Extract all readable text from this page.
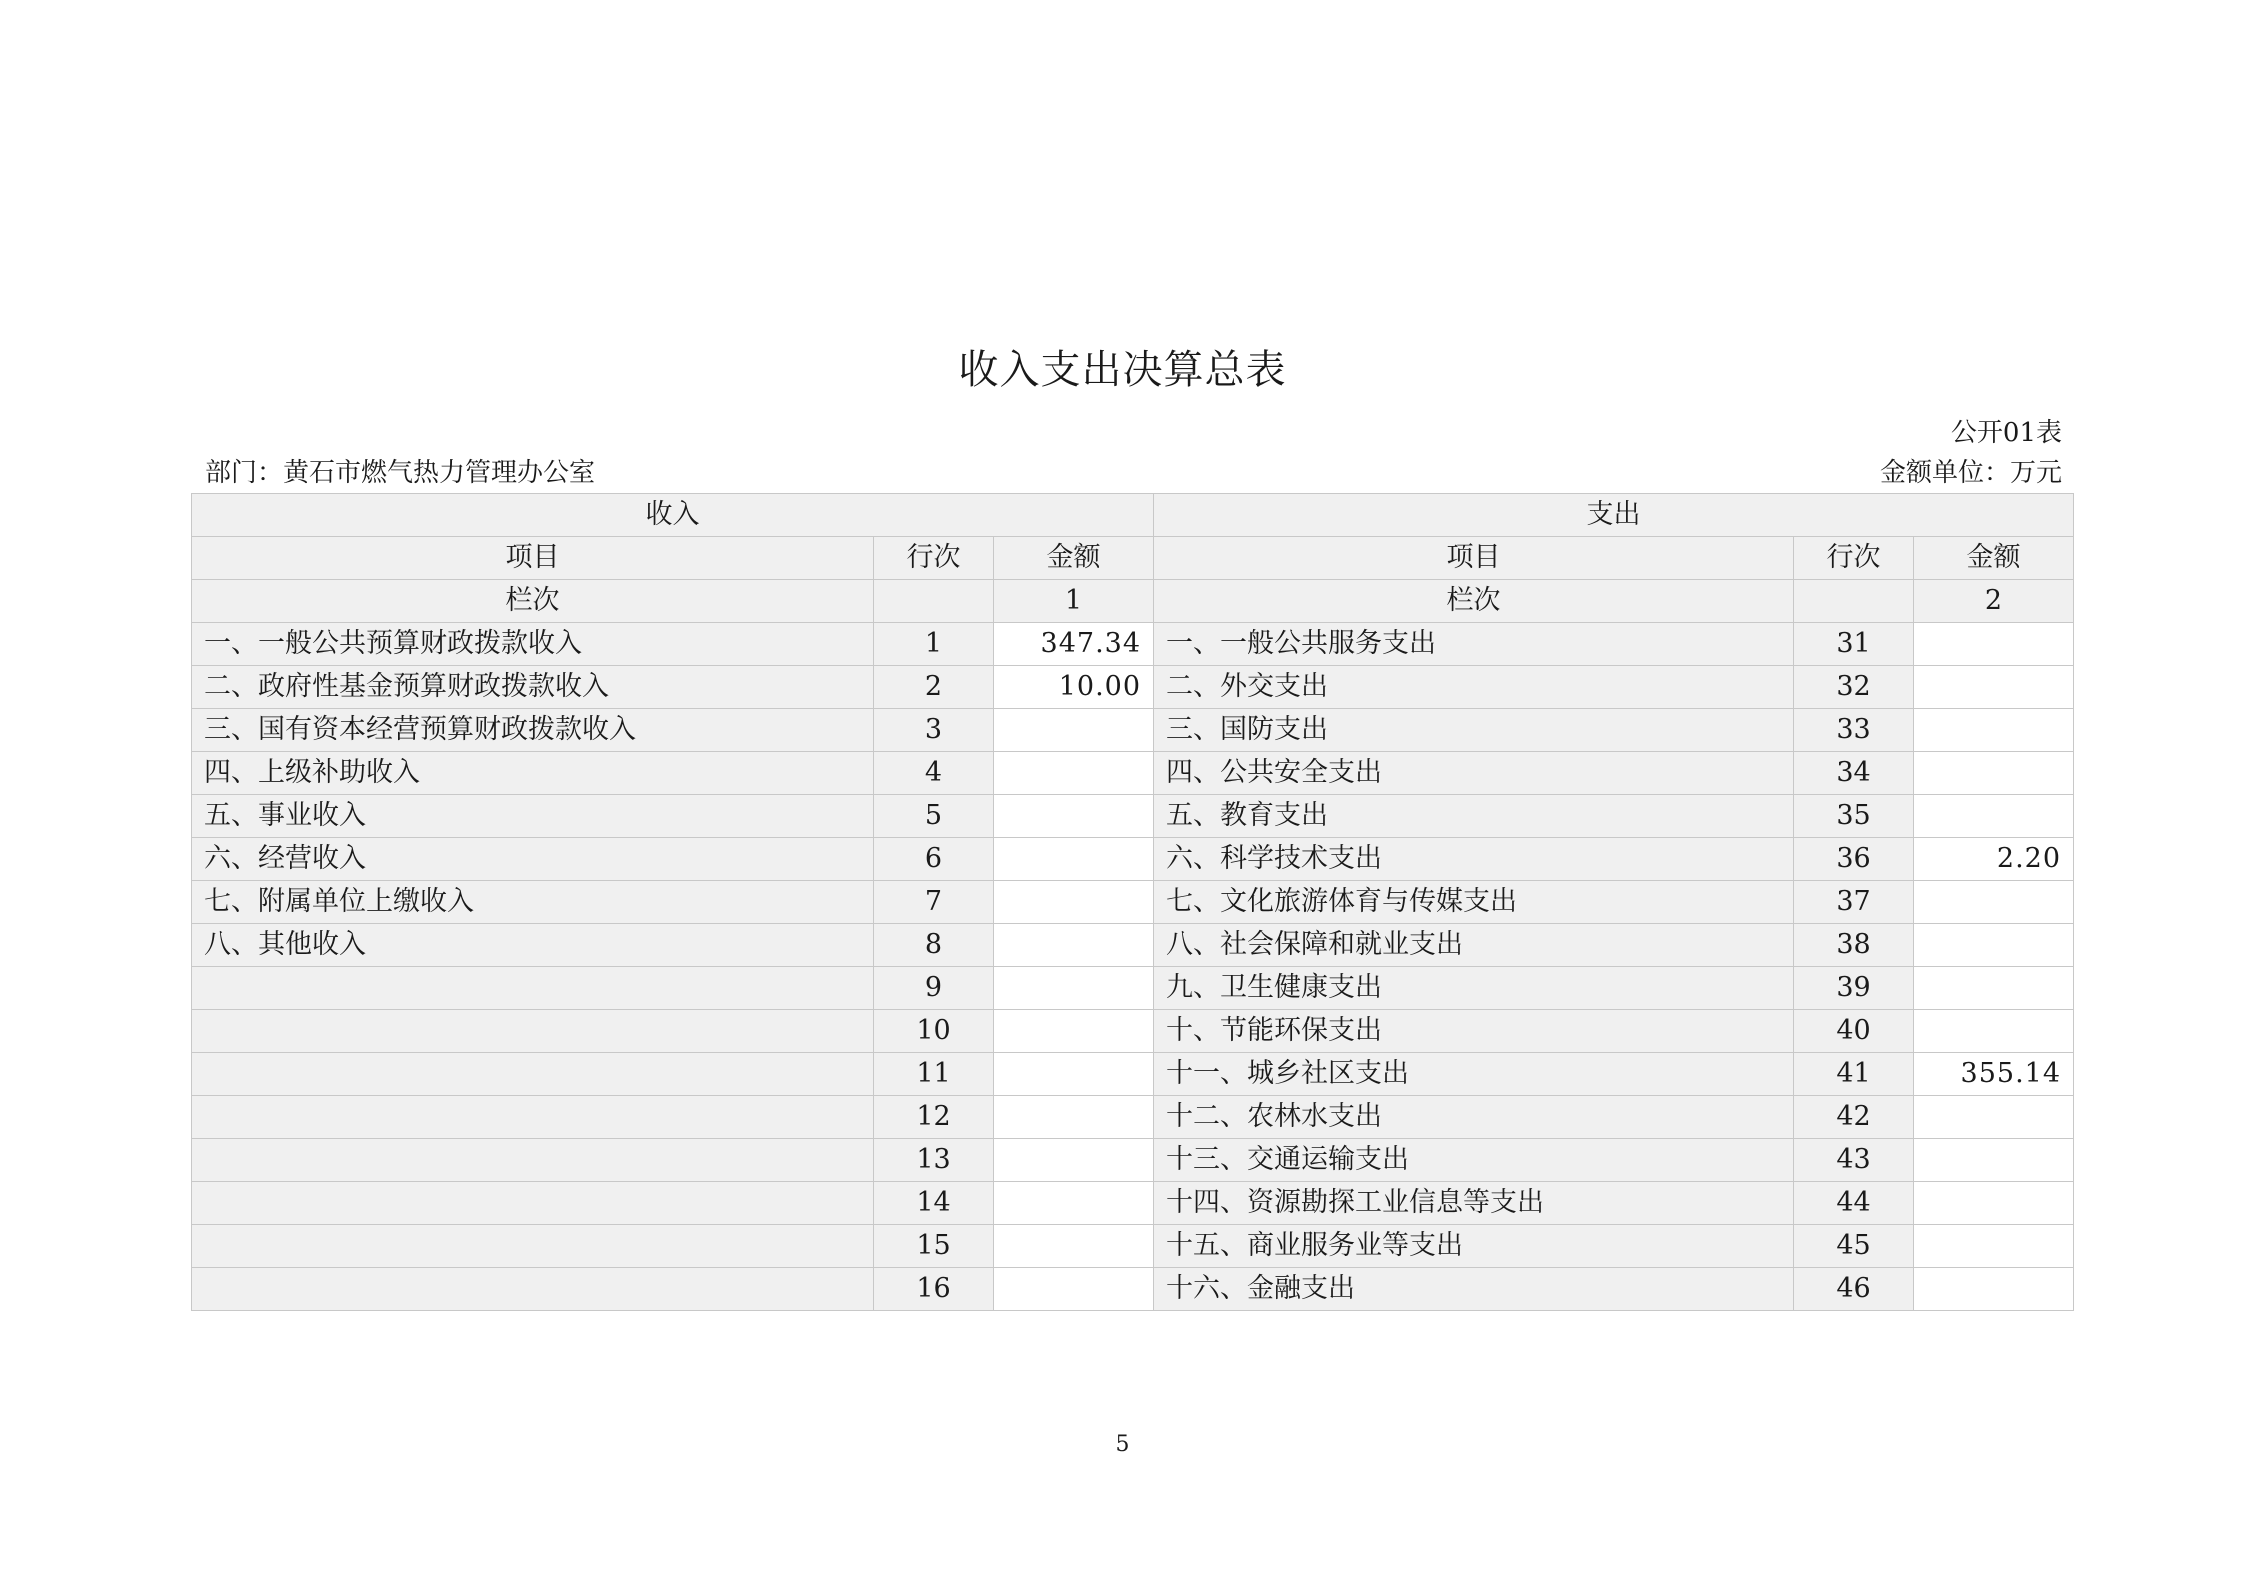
收入支出决算总表
公开01表
部门：黄石市燃气热力管理办公室	金额单位：万元
收入			支出		
项目	行次	金额	项目	行次	金额
栏次		1	栏次		2
一、一般公共预算财政拨款收入	1	347.34	一、一般公共服务支出	31	
二、政府性基金预算财政拨款收入	2	10.00	二、外交支出	32	
三、国有资本经营预算财政拨款收入	3		三、国防支出	33	
四、上级补助收入	4		四、公共安全支出	34	
五、事业收入	5		五、教育支出	35	
六、经营收入	6		六、科学技术支出	36	2.20
七、附属单位上缴收入	7		七、文化旅游体育与传媒支出	37	
八、其他收入	8		八、社会保障和就业支出	38	
	9		九、卫生健康支出	39	
	10		十、节能环保支出	40	
	11		十一、城乡社区支出	41	355.14
	12		十二、农林水支出	42	
	13		十三、交通运输支出	43	
	14		十四、资源勘探工业信息等支出	44	
	15		十五、商业服务业等支出	45	
	16		十六、金融支出	46	
5
